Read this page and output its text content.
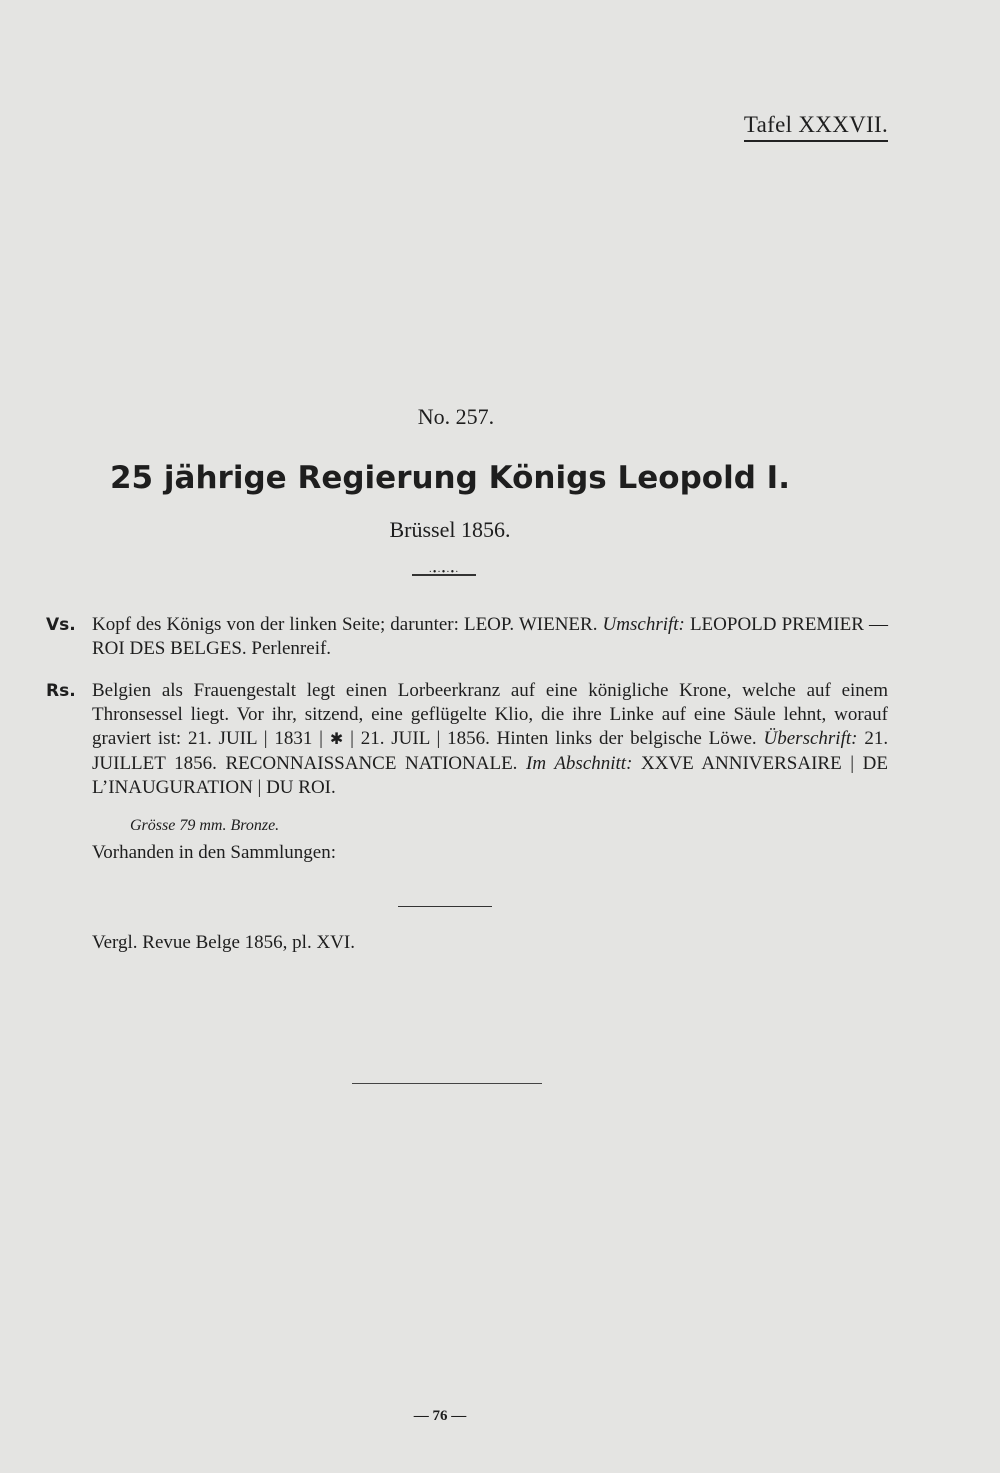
Tafel XXXVII.
No. 257.
25 jährige Regierung Königs Leopold I.
Brüssel 1856.
·•·•·•·
Vs. Kopf des Königs von der linken Seite; darunter: LEOP. WIENER. Umschrift: LEOPOLD PREMIER — ROI DES BELGES. Perlenreif.
Rs. Belgien als Frauengestalt legt einen Lorbeerkranz auf eine königliche Krone, welche auf einem Thronsessel liegt. Vor ihr, sitzend, eine geflügelte Klio, die ihre Linke auf eine Säule lehnt, worauf graviert ist: 21. JUIL | 1831 | ✱ | 21. JUIL | 1856. Hinten links der belgische Löwe. Überschrift: 21. JUILLET 1856. RECONNAISSANCE NATIONALE. Im Abschnitt: XXVE ANNIVERSAIRE | DE L’INAUGURATION | DU ROI.
Grösse 79 mm. Bronze.
Vorhanden in den Sammlungen:
Vergl. Revue Belge 1856, pl. XVI.
— 76 —
